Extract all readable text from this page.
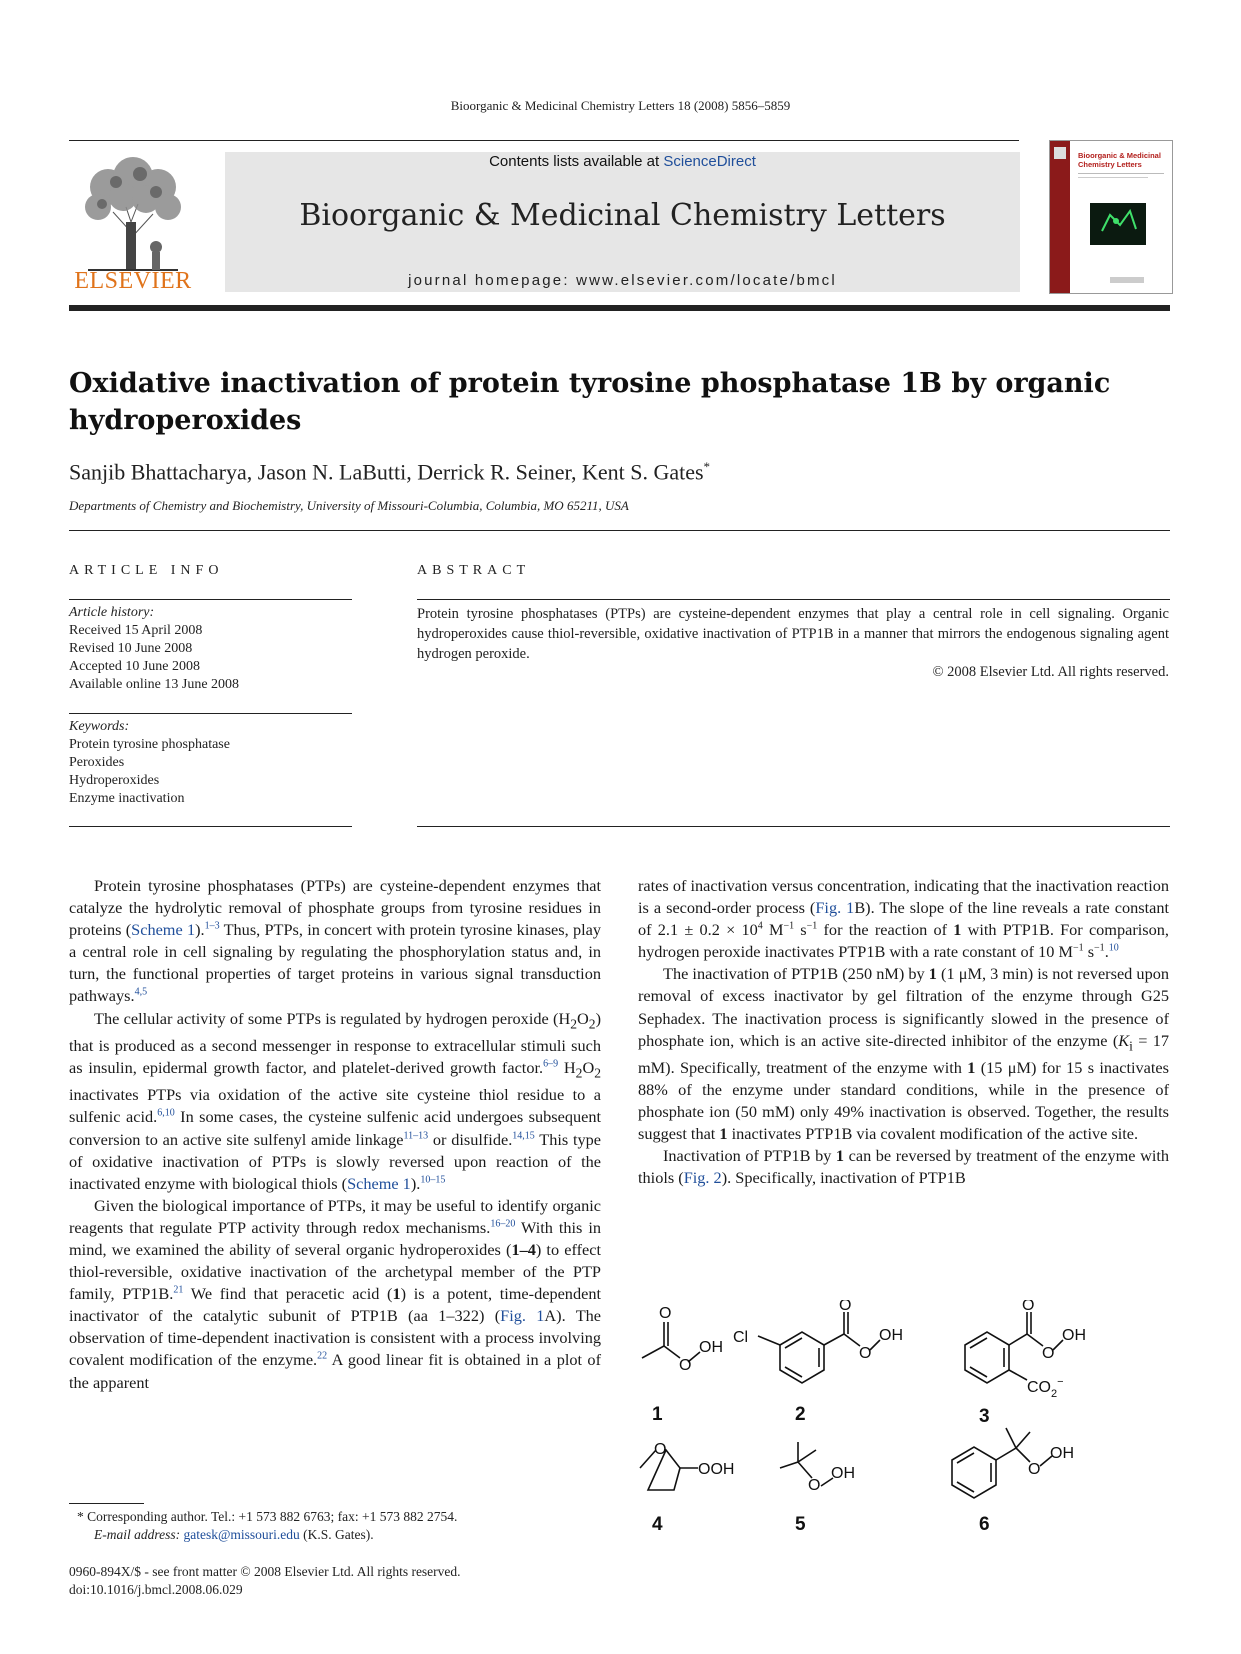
Bioorganic & Medicinal Chemistry Letters 18 (2008) 5856–5859
ELSEVIER
Contents lists available at ScienceDirect
Bioorganic & Medicinal Chemistry Letters
journal homepage: www.elsevier.com/locate/bmcl
Bioorganic & Medicinal
Chemistry Letters
Oxidative inactivation of protein tyrosine phosphatase 1B by organic
hydroperoxides
Sanjib Bhattacharya, Jason N. LaButti, Derrick R. Seiner, Kent S. Gates*
Departments of Chemistry and Biochemistry, University of Missouri-Columbia, Columbia, MO 65211, USA
ARTICLE INFO	ABSTRACT
Article history:
Received 15 April 2008
Revised 10 June 2008
Accepted 10 June 2008
Available online 13 June 2008
Keywords:
Protein tyrosine phosphatase
Peroxides
Hydroperoxides
Enzyme inactivation
Protein tyrosine phosphatases (PTPs) are cysteine-dependent enzymes that play a central role in cell signaling. Organic hydroperoxides cause thiol-reversible, oxidative inactivation of PTP1B in a manner that mirrors the endogenous signaling agent hydrogen peroxide.
© 2008 Elsevier Ltd. All rights reserved.

Protein tyrosine phosphatases (PTPs) are cysteine-dependent enzymes that catalyze the hydrolytic removal of phosphate groups from tyrosine residues in proteins (Scheme 1).$^{1-3}$ Thus, PTPs, in concert with protein tyrosine kinases, play a central role in cell signaling by regulating the phosphorylation status and, in turn, the functional properties of target proteins in various signal transduction pathways.$^{4,5}$

The cellular activity of some PTPs is regulated by hydrogen peroxide $(H_2O_2)$ that is produced as a second messenger in response to extracellular stimuli such as insulin, epidermal growth factor, and platelet-derived growth factor.$^{6-9}$ $H_2O_2$ inactivates PTPs via oxidation of the active site cysteine thiol residue to a sulfenic acid.$^{6,10}$ In some cases, the cysteine sulfenic acid undergoes subsequent conversion to an active site sulfenyl amide linkage$^{11-13}$ or disulfide.$^{14,15}$ This type of oxidative inactivation of PTPs is slowly reversed upon reaction of the inactivated enzyme with biological thiols (Scheme 1).$^{10-15}$

Given the biological importance of PTPs, it may be useful to identify organic reagents that regulate PTP activity through redox mechanisms.$^{16-20}$ With this in mind, we examined the ability of several organic hydroperoxides (1–4) to effect thiol-reversible, oxidative inactivation of the archetypal member of the PTP family, PTP1B.$^{21}$ We find that peracetic acid (1) is a potent, time-dependent inactivator of the catalytic subunit of PTP1B (aa 1–322) (Fig. 1A). The observation of time-dependent inactivation is consistent with a process involving covalent modification of the enzyme.$^{22}$ A good linear fit is obtained in a plot of the apparent

rates of inactivation versus concentration, indicating that the inactivation reaction is a second-order process (Fig. 1B). The slope of the line reveals a rate constant of $2.1 \pm 0.2 \times 10^4$ $M^{-1}$ $s^{-1}$ for the reaction of 1 with PTP1B. For comparison, hydrogen peroxide inactivates PTP1B with a rate constant of 10 $M^{-1}$ $s^{-1}.^{10}$

The inactivation of PTP1B (250 nM) by 1 (1 μM, 3 min) is not reversed upon removal of excess inactivator by gel filtration of the enzyme through G25 Sephadex. The inactivation process is significantly slowed in the presence of phosphate ion, which is an active site-directed inhibitor of the enzyme ($K_i = 17$ mM). Specifically, treatment of the enzyme with 1 (15 μM) for 15 s inactivates 88% of the enzyme under standard conditions, while in the presence of phosphate ion (50 mM) only 49% inactivation is observed. Together, the results suggest that 1 inactivates PTP1B via covalent modification of the active site.

Inactivation of PTP1B by 1 can be reversed by treatment of the enzyme with thiols (Fig. 2). Specifically, inactivation of PTP1B

O
O
OH
Cl
O
O
OH
O
O
OH
$CO_2^-$
O
OOH
O
OH	O
OH
1	2	3
4	5	6
* Corresponding author. Tel.: +1 573 882 6763; fax: +1 573 882 2754.
E-mail address: gatesk@missouri.edu (K.S. Gates).
0960-894X/$ - see front matter © 2008 Elsevier Ltd. All rights reserved.
doi:10.1016/j.bmcl.2008.06.029
